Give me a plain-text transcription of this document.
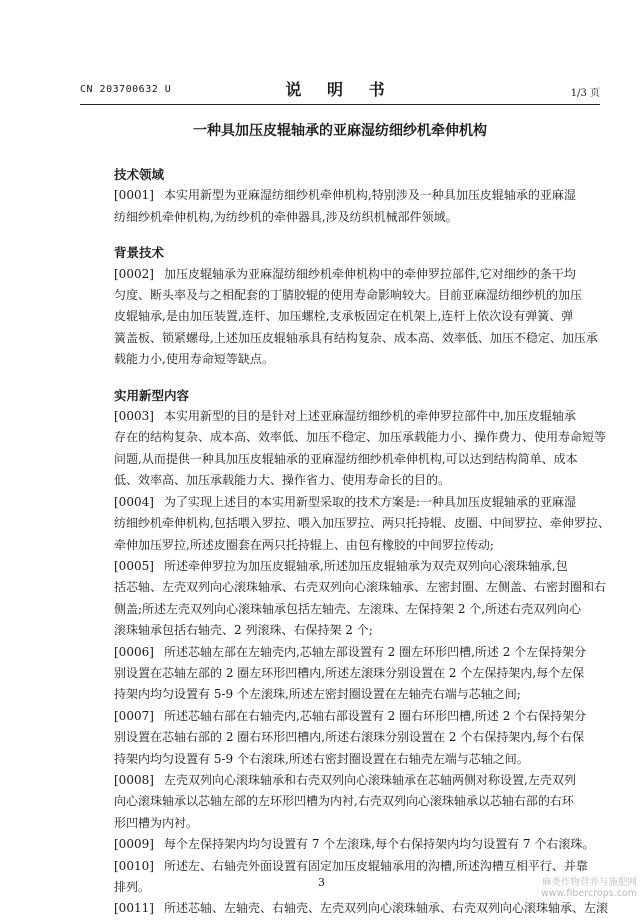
CN 203700632 U	说 明 书	1/3 页
一种具加压皮辊轴承的亚麻湿纺细纱机牵伸机构
技术领域
[0001] 本实用新型为亚麻湿纺细纱机牵伸机构,特别涉及一种具加压皮辊轴承的亚麻湿
纺细纱机牵伸机构,为纺纱机的牵伸器具,涉及纺织机械部件领域。
背景技术
[0002] 加压皮辊轴承为亚麻湿纺细纱机牵伸机构中的牵伸罗拉部件,它对细纱的条干均
匀度、断头率及与之相配套的丁腈胶辊的使用寿命影响较大。目前亚麻湿纺细纱机的加压
皮辊轴承,是由加压装置,连杆、加压螺栓,支承板固定在机架上,连杆上依次设有弹簧、弹
簧盖板、锁紧螺母,上述加压皮辊轴承具有结构复杂、成本高、效率低、加压不稳定、加压承
载能力小,使用寿命短等缺点。
实用新型内容
[0003] 本实用新型的目的是针对上述亚麻湿纺细纱机的牵伸罗拉部件中,加压皮辊轴承
存在的结构复杂、成本高、效率低、加压不稳定、加压承载能力小、操作费力、使用寿命短等
问题,从而提供一种具加压皮辊轴承的亚麻湿纺细纱机牵伸机构,可以达到结构简单、成本
低、效率高、加压承载能力大、操作省力、使用寿命长的目的。
[0004] 为了实现上述目的本实用新型采取的技术方案是:一种具加压皮辊轴承的亚麻湿
纺细纱机牵伸机构,包括喂入罗拉、喂入加压罗拉、两只托持辊、皮圈、中间罗拉、牵伸罗拉、
牵伸加压罗拉,所述皮圈套在两只托持辊上、由包有橡胶的中间罗拉传动;
[0005] 所述牵伸罗拉为加压皮辊轴承,所述加压皮辊轴承为双壳双列向心滚珠轴承,包
括芯轴、左壳双列向心滚珠轴承、右壳双列向心滚珠轴承、左密封圈、左侧盖、右密封圈和右
侧盖;所述左壳双列向心滚珠轴承包括左轴壳、左滚珠、左保持架 2 个,所述右壳双列向心
滚珠轴承包括右轴壳、2 列滚珠、右保持架 2 个;
[0006] 所述芯轴左部在左轴壳内,芯轴左部设置有 2 圈左环形凹槽,所述 2 个左保持架分
别设置在芯轴左部的 2 圈左环形凹槽内,所述左滚珠分别设置在 2 个左保持架内,每个左保
持架内均匀设置有 5-9 个左滚珠,所述左密封圈设置在左轴壳右端与芯轴之间;
[0007] 所述芯轴右部在右轴壳内,芯轴右部设置有 2 圈右环形凹槽,所述 2 个右保持架分
别设置在芯轴右部的 2 圈右环形凹槽内,所述右滚珠分别设置在 2 个右保持架内,每个右保
持架内均匀设置有 5-9 个右滚珠,所述右密封圈设置在右轴壳左端与芯轴之间。
[0008] 左壳双列向心滚珠轴承和右壳双列向心滚珠轴承在芯轴两侧对称设置,左壳双列
向心滚珠轴承以芯轴左部的左环形凹槽为内衬,右壳双列向心滚珠轴承以芯轴右部的右环
形凹槽为内衬。
[0009] 每个左保持架内均匀设置有 7 个左滚珠,每个右保持架内均匀设置有 7 个右滚珠。
[0010] 所述左、右轴壳外面设置有固定加压皮辊轴承用的沟槽,所述沟槽互相平行、并靠
排列。
[0011] 所述芯轴、左轴壳、右轴壳、左壳双列向心滚珠轴承、右壳双列向心滚珠轴承、左滚
3	麻类作物营养与施肥网
www.fibercrops.com
